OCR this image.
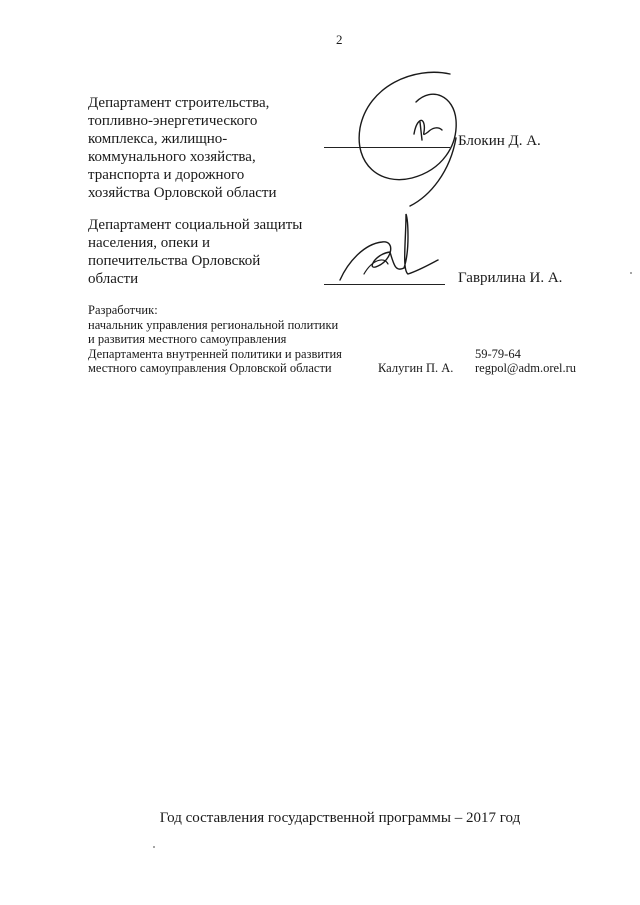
2
Департамент строительства,
топливно-энергетического
комплекса, жилищно-
коммунального хозяйства,
транспорта и дорожного
хозяйства Орловской области
Блокин Д. А.
Департамент социальной защиты
населения, опеки и
попечительства Орловской
области	Гаврилина И. А.
Разработчик:
начальник управления региональной политики
и развития местного самоуправления
Департамента внутренней политики и развития
местного самоуправления Орловской области
59-79-64
Калугин П. А. regpol@adm.orel.ru
Год составления государственной программы – 2017 год
